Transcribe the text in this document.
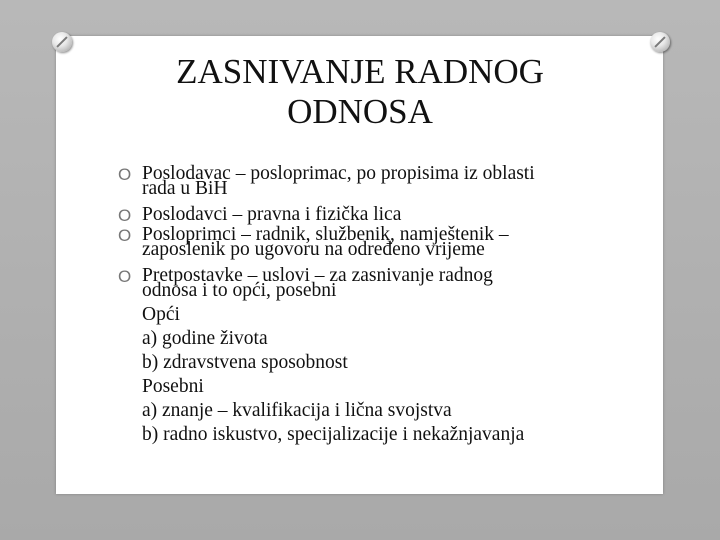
ZASNIVANJE RADNOG
ODNOSA
O Poslodavac – posloprimac, po propisima iz oblasti
rada u BiH
O Poslodavci – pravna i fizička lica
O Posloprimci – radnik, službenik, namještenik –
zaposlenik po ugovoru na određeno vrijeme
O Pretpostavke – uslovi – za zasnivanje radnog
odnosa i to opći, posebni
Opći
a) godine života
b) zdravstvena sposobnost
Posebni
a) znanje – kvalifikacija i lična svojstva
b) radno iskustvo, specijalizacije i nekažnjavanja
